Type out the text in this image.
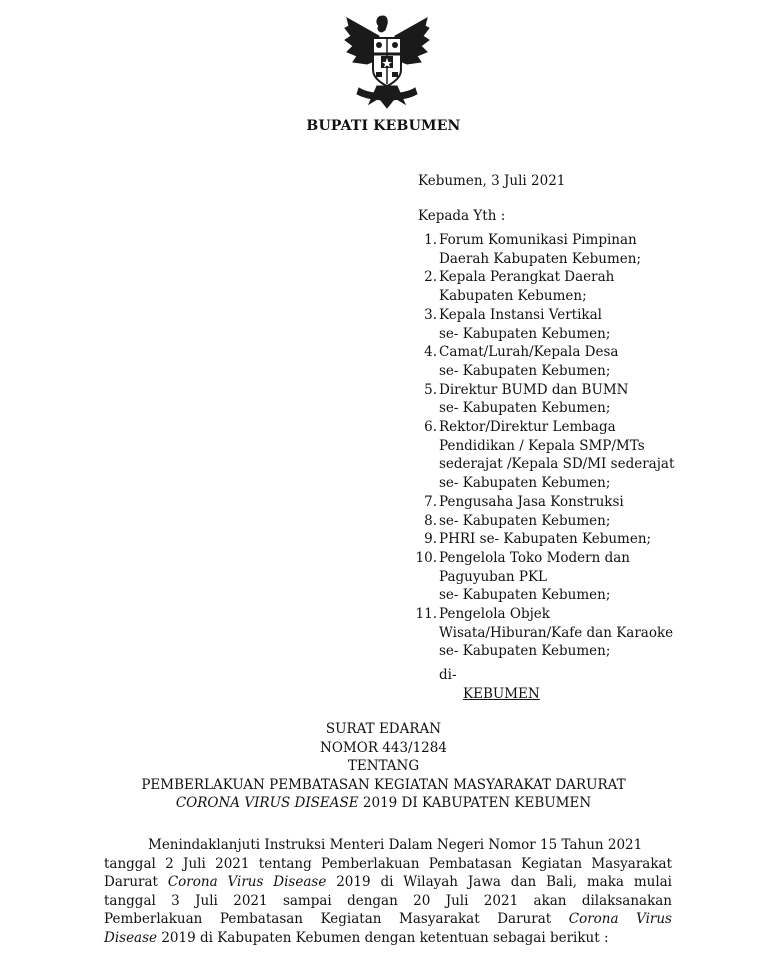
BUPATI KEBUMEN
Kebumen, 3 Juli 2021
Kepada Yth :
1. Forum Komunikasi Pimpinan
Daerah Kabupaten Kebumen;
2. Kepala Perangkat Daerah
Kabupaten Kebumen;
3. Kepala Instansi Vertikal
se- Kabupaten Kebumen;
4. Camat/Lurah/Kepala Desa
se- Kabupaten Kebumen;
5. Direktur BUMD dan BUMN
se- Kabupaten Kebumen;
6. Rektor/Direktur Lembaga
Pendidikan / Kepala SMP/MTs
sederajat /Kepala SD/MI sederajat
se- Kabupaten Kebumen;
7. Pengusaha Jasa Konstruksi
8. se- Kabupaten Kebumen;
9. PHRI se- Kabupaten Kebumen;
10. Pengelola Toko Modern dan
Paguyuban PKL
se- Kabupaten Kebumen;
11. Pengelola Objek
Wisata/Hiburan/Kafe dan Karaoke
se- Kabupaten Kebumen;
di-
KEBUMEN
SURAT EDARAN
NOMOR 443/1284
TENTANG
PEMBERLAKUAN PEMBATASAN KEGIATAN MASYARAKAT DARURAT
CORONA VIRUS DISEASE 2019 DI KABUPATEN KEBUMEN
Menindaklanjuti Instruksi Menteri Dalam Negeri Nomor 15 Tahun 2021
tanggal 2 Juli 2021 tentang Pemberlakuan Pembatasan Kegiatan Masyarakat
Darurat Corona Virus Disease 2019 di Wilayah Jawa dan Bali, maka mulai
tanggal 3 Juli 2021 sampai dengan 20 Juli 2021 akan dilaksanakan
Pemberlakuan Pembatasan Kegiatan Masyarakat Darurat Corona Virus
Disease 2019 di Kabupaten Kebumen dengan ketentuan sebagai berikut :
